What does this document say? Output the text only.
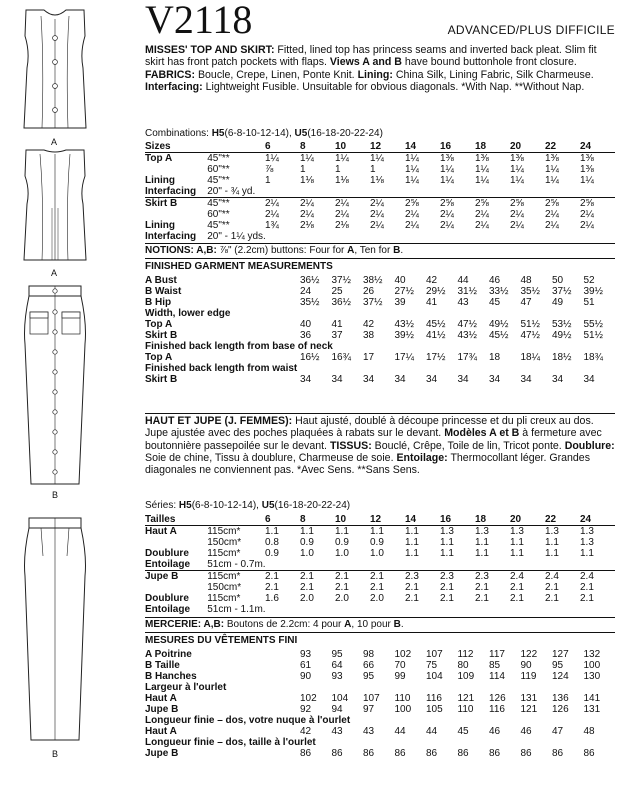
A
A
B
B
V2118	ADVANCED/PLUS DIFFICILE
MISSES' TOP AND SKIRT: Fitted, lined top has princess seams and inverted back pleat. Slim fit skirt has front patch pockets with flaps. Views A and B have bound buttonhole front closure. FABRICS: Boucle, Crepe, Linen, Ponte Knit. Lining: China Silk, Lining Fabric, Silk Charmeuse. Interfacing: Lightweight Fusible. Unsuitable for obvious diagonals. *With Nap. **Without Nap.
Combinations: H5(6-8-10-12-14), U5(16-18-20-22-24)
Sizes		6	8	10	12	14	16	18	20	22	24
Top A	45"**	1¼	1¼	1¼	1¼	1¼	1⅜	1⅜	1⅜	1⅜	1⅜
	60"**	⅞	1	1	1	1¼	1¼	1¼	1¼	1¼	1⅜
Lining	45"**	1	1⅛	1⅛	1⅛	1¼	1¼	1¼	1¼	1¼	1¼
Interfacing	20" - ¾ yd.										
Skirt B	45"**	2¼	2¼	2¼	2¼	2⅝	2⅝	2⅝	2⅝	2⅝	2⅝
	60"**	2¼	2¼	2¼	2¼	2¼	2¼	2¼	2¼	2¼	2¼
Lining	45"**	1¾	2⅛	2⅛	2¼	2¼	2¼	2¼	2¼	2¼	2¼
Interfacing	20" - 1¼ yds.										
NOTIONS: A,B: ⅞" (2.2cm) buttons: Four for A, Ten for B.
FINISHED GARMENT MEASUREMENTS
A Bust	36½	37½	38½	40	42	44	46	48	50	52
B Waist	24	25	26	27½	29½	31½	33½	35½	37½	39½
B Hip	35½	36½	37½	39	41	43	45	47	49	51
Width, lower edge										
Top A	40	41	42	43½	45½	47½	49½	51½	53½	55½
Skirt B	36	37	38	39½	41½	43½	45½	47½	49½	51½
Finished back length from base of neck										
Top A	16½	16¾	17	17¼	17½	17¾	18	18¼	18½	18¾
Finished back length from waist										
Skirt B	34	34	34	34	34	34	34	34	34	34
HAUT ET JUPE (J. FEMMES): Haut ajusté, doublé à découpe princesse et du pli creux au dos. Jupe ajustée avec des poches plaquées à rabats sur le devant. Modèles A et B à fermeture avec boutonnière passepoilée sur le devant. TISSUS: Bouclé, Crêpe, Toile de lin, Tricot ponte. Doublure: Soie de chine, Tissu à doublure, Charmeuse de soie. Entoilage: Thermocollant léger. Grandes diagonales ne conviennent pas. *Avec Sens. **Sans Sens.
Séries: H5(6-8-10-12-14), U5(16-18-20-22-24)
Tailles		6	8	10	12	14	16	18	20	22	24
Haut A	115cm*	1.1	1.1	1.1	1.1	1.1	1.3	1.3	1.3	1.3	1.3
	150cm*	0.8	0.9	0.9	0.9	1.1	1.1	1.1	1.1	1.1	1.3
Doublure	115cm*	0.9	1.0	1.0	1.0	1.1	1.1	1.1	1.1	1.1	1.1
Entoilage	51cm - 0.7m.										
Jupe B	115cm*	2.1	2.1	2.1	2.1	2.3	2.3	2.3	2.4	2.4	2.4
	150cm*	2.1	2.1	2.1	2.1	2.1	2.1	2.1	2.1	2.1	2.1
Doublure	115cm*	1.6	2.0	2.0	2.0	2.1	2.1	2.1	2.1	2.1	2.1
Entoilage	51cm - 1.1m.										
MERCERIE: A,B: Boutons de 2.2cm: 4 pour A, 10 pour B.
MESURES DU VÊTEMENTS FINI
A Poitrine	93	95	98	102	107	112	117	122	127	132
B Taille	61	64	66	70	75	80	85	90	95	100
B Hanches	90	93	95	99	104	109	114	119	124	130
Largeur à l'ourlet										
Haut A	102	104	107	110	116	121	126	131	136	141
Jupe B	92	94	97	100	105	110	116	121	126	131
Longueur finie – dos, votre nuque à l'ourlet										
Haut A	42	43	43	44	44	45	46	46	47	48
Longueur finie – dos, taille à l'ourlet										
Jupe B	86	86	86	86	86	86	86	86	86	86
